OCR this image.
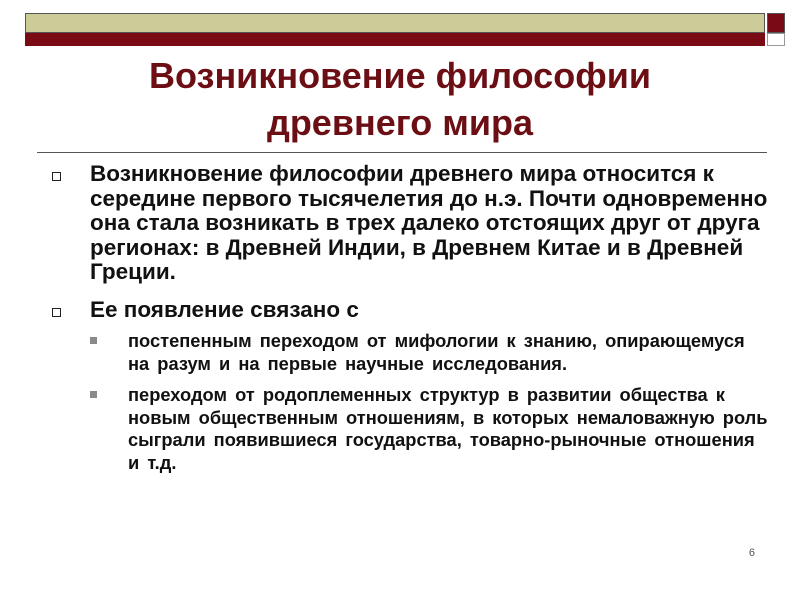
Возникновение философии
древнего мира
Возникновение философии древнего мира относится к середине первого тысячелетия до н.э. Почти одновременно она стала возникать в трех далеко отстоящих друг от друга регионах: в Древней Индии, в Древнем Китае и в Древней Греции.
Ее появление связано с
постепенным переходом от мифологии к знанию, опирающемуся на разум и на первые научные исследования.
переходом от родоплеменных структур в развитии общества к новым общественным отношениям, в которых немаловажную роль сыграли появившиеся государства, товарно-рыночные отношения и т.д.
6
